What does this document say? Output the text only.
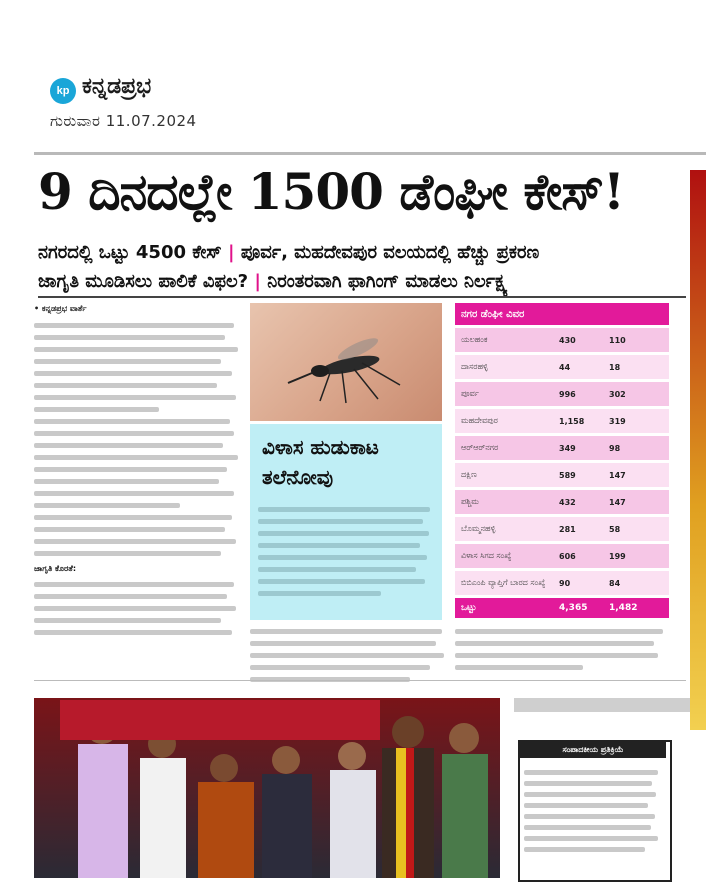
kp ಕನ್ನಡಪ್ರಭ
ಗುರುವಾರ 11.07.2024
9 ದಿನದಲ್ಲೇ 1500 ಡೆಂಘೀ ಕೇಸ್!
ನಗರದಲ್ಲಿ ಒಟ್ಟು 4500 ಕೇಸ್ | ಪೂರ್ವ, ಮಹದೇವಪುರ ವಲಯದಲ್ಲಿ ಹೆಚ್ಚು ಪ್ರಕರಣ
ಜಾಗೃತಿ ಮೂಡಿಸಲು ಪಾಲಿಕೆ ವಿಫಲ? | ನಿರಂತರವಾಗಿ ಫಾಗಿಂಗ್ ಮಾಡಲು ನಿರ್ಲಕ್ಷ್ಯ
• ಕನ್ನಡಪ್ರಭ ವಾರ್ತೆ
ಜಾಗೃತಿ ಕೊರತೆ:
ವಿಳಾಸ ಹುಡುಕಾಟ ತಲೆನೋವು
ನಗರ ಡೆಂಘೀ ವಿವರ
ಯಲಹಂಕ	430	110
ದಾಸರಹಳ್ಳಿ	44	18
ಪೂರ್ವ	996	302
ಮಹದೇವಪುರ	1,158	319
ಆರ್‌ಆರ್‌ನಗರ	349	98
ದಕ್ಷಿಣ	589	147
ಪಶ್ಚಿಮ	432	147
ಬೊಮ್ಮನಹಳ್ಳಿ	281	58
ವಿಳಾಸ ಸಿಗದ ಸಂಖ್ಯೆ	606	199
ಬಿಬಿಎಂಪಿ ವ್ಯಾಪ್ತಿಗೆ ಬಾರದ ಸಂಖ್ಯೆ	90	84
ಒಟ್ಟು	4,365	1,482
ಸಂಪಾದಕೀಯ ಪ್ರತಿಕ್ರಿಯೆ
